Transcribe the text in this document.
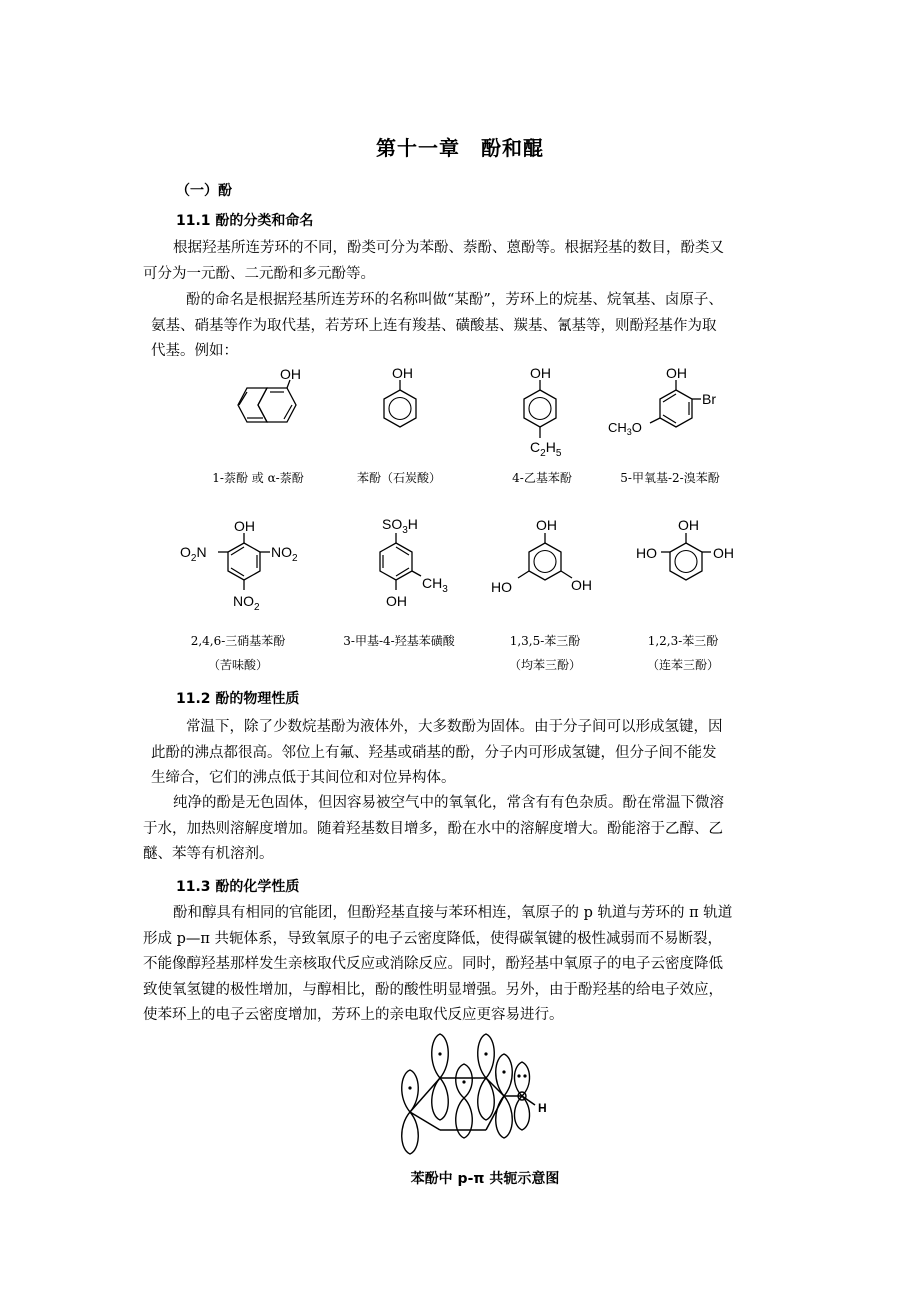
第十一章　酚和醌
（一）酚
11.1 酚的分类和命名
根据羟基所连芳环的不同，酚类可分为苯酚、萘酚、蒽酚等。根据羟基的数目，酚类又
可分为一元酚、二元酚和多元酚等。
酚的命名是根据羟基所连芳环的名称叫做“某酚”，芳环上的烷基、烷氧基、卤原子、
氨基、硝基等作为取代基，若芳环上连有羧基、磺酸基、羰基、氰基等，则酚羟基作为取
代基。例如：
OH	OH	OH
$C_2H_5$
OH
Br
$CH_3O$
1-萘酚 或 α-萘酚	苯酚（石炭酸）	4-乙基苯酚	5-甲氧基-2-溴苯酚
OH
$O_2N$	$NO_2$
$NO_2$
$SO_3H$
$CH_3$
OH
OH
HO	OH
OH
HO	OH
2,4,6-三硝基苯酚
（苦味酸）
3-甲基-4-羟基苯磺酸	1,3,5-苯三酚
（均苯三酚）
1,2,3-苯三酚
（连苯三酚）
11.2 酚的物理性质
常温下，除了少数烷基酚为液体外，大多数酚为固体。由于分子间可以形成氢键，因
此酚的沸点都很高。邻位上有氟、羟基或硝基的酚，分子内可形成氢键，但分子间不能发
生缔合，它们的沸点低于其间位和对位异构体。
纯净的酚是无色固体，但因容易被空气中的氧氧化，常含有有色杂质。酚在常温下微溶
于水，加热则溶解度增加。随着羟基数目增多，酚在水中的溶解度增大。酚能溶于乙醇、乙
醚、苯等有机溶剂。
11.3 酚的化学性质
酚和醇具有相同的官能团，但酚羟基直接与苯环相连，氧原子的 p 轨道与芳环的 π 轨道
形成 p—π 共轭体系，导致氧原子的电子云密度降低，使得碳氧键的极性减弱而不易断裂，
不能像醇羟基那样发生亲核取代反应或消除反应。同时，酚羟基中氧原子的电子云密度降低
致使氧氢键的极性增加，与醇相比，酚的酸性明显增强。另外，由于酚羟基的给电子效应，
使苯环上的电子云密度增加，芳环上的亲电取代反应更容易进行。
H
苯酚中 p-π 共轭示意图
